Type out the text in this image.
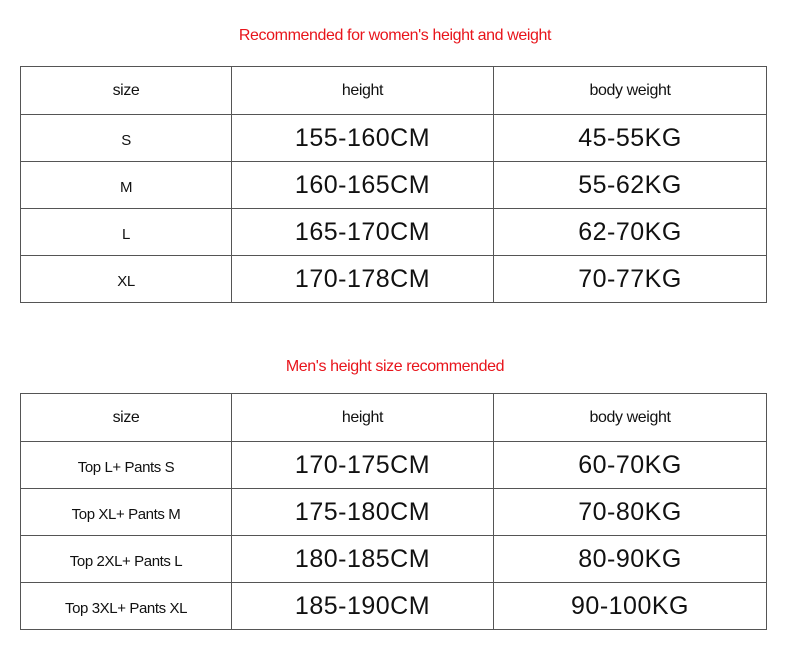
Recommended for women's height and weight
size	height	body weight
S	155-160CM	45-55KG
M	160-165CM	55-62KG
L	165-170CM	62-70KG
XL	170-178CM	70-77KG
Men's height size recommended
size	height	body weight
Top L+ Pants S	170-175CM	60-70KG
Top XL+ Pants M	175-180CM	70-80KG
Top 2XL+ Pants L	180-185CM	80-90KG
Top 3XL+ Pants XL	185-190CM	90-100KG
